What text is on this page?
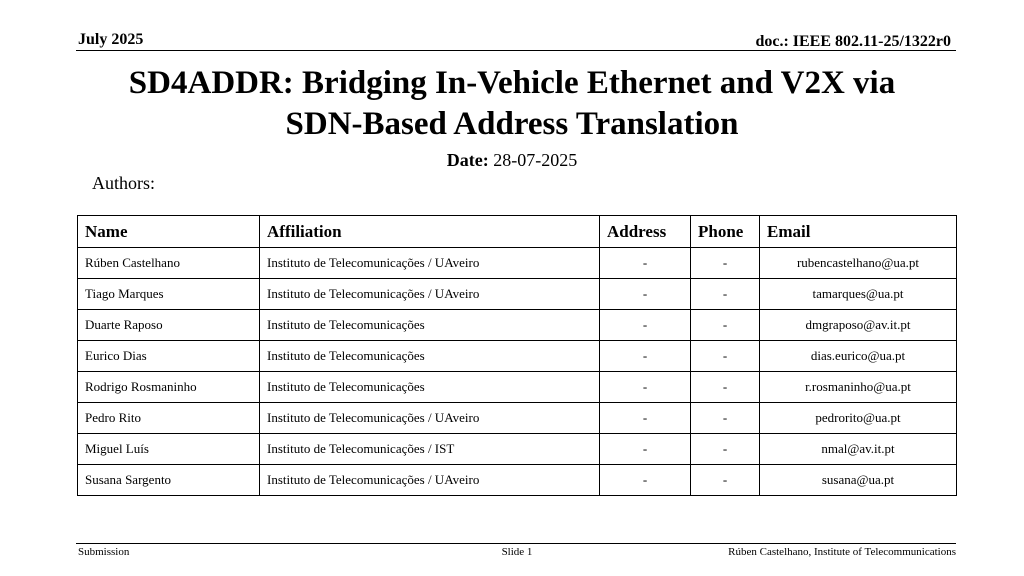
July 2025	doc.: IEEE 802.11-25/1322r0
SD4ADDR: Bridging In-Vehicle Ethernet and V2X via
SDN-Based Address Translation
Date: 28-07-2025
Authors:
Name	Affiliation	Address	Phone	Email
Rúben Castelhano	Instituto de Telecomunicações / UAveiro	-	-	rubencastelhano@ua.pt
Tiago Marques	Instituto de Telecomunicações / UAveiro	-	-	tamarques@ua.pt
Duarte Raposo	Instituto de Telecomunicações	-	-	dmgraposo@av.it.pt
Eurico Dias	Instituto de Telecomunicações	-	-	dias.eurico@ua.pt
Rodrigo Rosmaninho	Instituto de Telecomunicações	-	-	r.rosmaninho@ua.pt
Pedro Rito	Instituto de Telecomunicações / UAveiro	-	-	pedrorito@ua.pt
Miguel Luís	Instituto de Telecomunicações / IST	-	-	nmal@av.it.pt
Susana Sargento	Instituto de Telecomunicações / UAveiro	-	-	susana@ua.pt
Submission	Slide 1	Rúben Castelhano, Institute of Telecommunications
